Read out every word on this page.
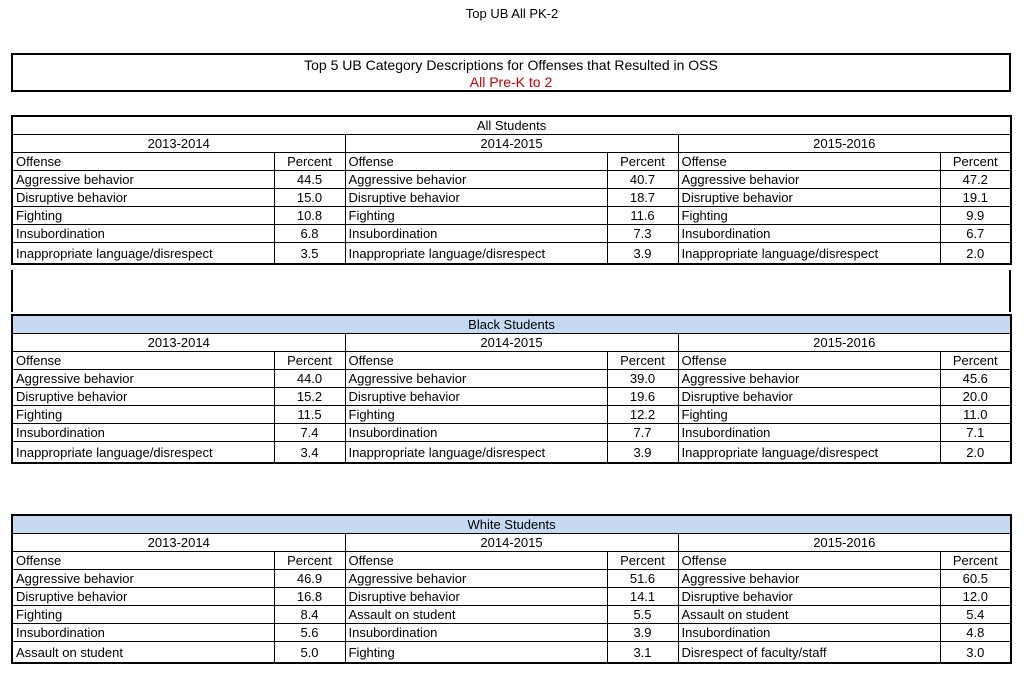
Top UB All PK-2
Top 5 UB Category Descriptions for Offenses that Resulted in OSS
All Pre-K to 2
All Students					
2013-2014		2014-2015		2015-2016	
Offense	Percent	Offense	Percent	Offense	Percent
Aggressive behavior	44.5	Aggressive behavior	40.7	Aggressive behavior	47.2
Disruptive behavior	15.0	Disruptive behavior	18.7	Disruptive behavior	19.1
Fighting	10.8	Fighting	11.6	Fighting	9.9
Insubordination	6.8	Insubordination	7.3	Insubordination	6.7
Inappropriate language/disrespect	3.5	Inappropriate language/disrespect	3.9	Inappropriate language/disrespect	2.0
Black Students					
2013-2014		2014-2015		2015-2016	
Offense	Percent	Offense	Percent	Offense	Percent
Aggressive behavior	44.0	Aggressive behavior	39.0	Aggressive behavior	45.6
Disruptive behavior	15.2	Disruptive behavior	19.6	Disruptive behavior	20.0
Fighting	11.5	Fighting	12.2	Fighting	11.0
Insubordination	7.4	Insubordination	7.7	Insubordination	7.1
Inappropriate language/disrespect	3.4	Inappropriate language/disrespect	3.9	Inappropriate language/disrespect	2.0
White Students					
2013-2014		2014-2015		2015-2016	
Offense	Percent	Offense	Percent	Offense	Percent
Aggressive behavior	46.9	Aggressive behavior	51.6	Aggressive behavior	60.5
Disruptive behavior	16.8	Disruptive behavior	14.1	Disruptive behavior	12.0
Fighting	8.4	Assault on student	5.5	Assault on student	5.4
Insubordination	5.6	Insubordination	3.9	Insubordination	4.8
Assault on student	5.0	Fighting	3.1	Disrespect of faculty/staff	3.0
